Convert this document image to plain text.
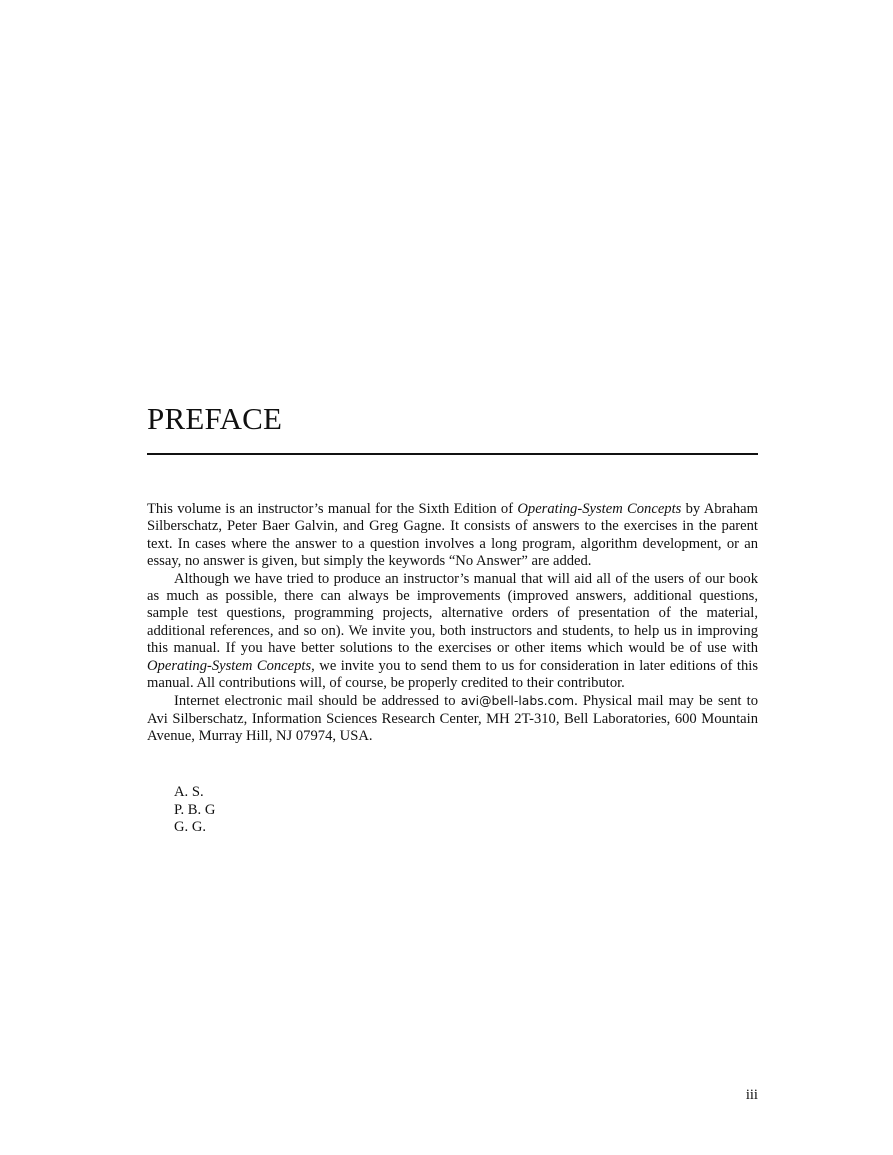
PREFACE

This volume is an instructor’s manual for the Sixth Edition of Operating-System Concepts by Abraham Silberschatz, Peter Baer Galvin, and Greg Gagne. It consists of answers to the exercises in the parent text. In cases where the answer to a question involves a long program, algorithm development, or an essay, no answer is given, but simply the keywords “No Answer” are added.

Although we have tried to produce an instructor’s manual that will aid all of the users of our book as much as possible, there can always be improvements (improved answers, additional questions, sample test questions, programming projects, alternative orders of presentation of the material, additional references, and so on). We invite you, both instructors and students, to help us in improving this manual. If you have better solutions to the exercises or other items which would be of use with Operating-System Concepts, we invite you to send them to us for consideration in later editions of this manual. All contributions will, of course, be properly credited to their contributor.

Internet electronic mail should be addressed to avi@bell-labs.com. Physical mail may be sent to Avi Silberschatz, Information Sciences Research Center, MH 2T-310, Bell Laboratories, 600 Mountain Avenue, Murray Hill, NJ 07974, USA.

A. S.
P. B. G
G. G.
iii
